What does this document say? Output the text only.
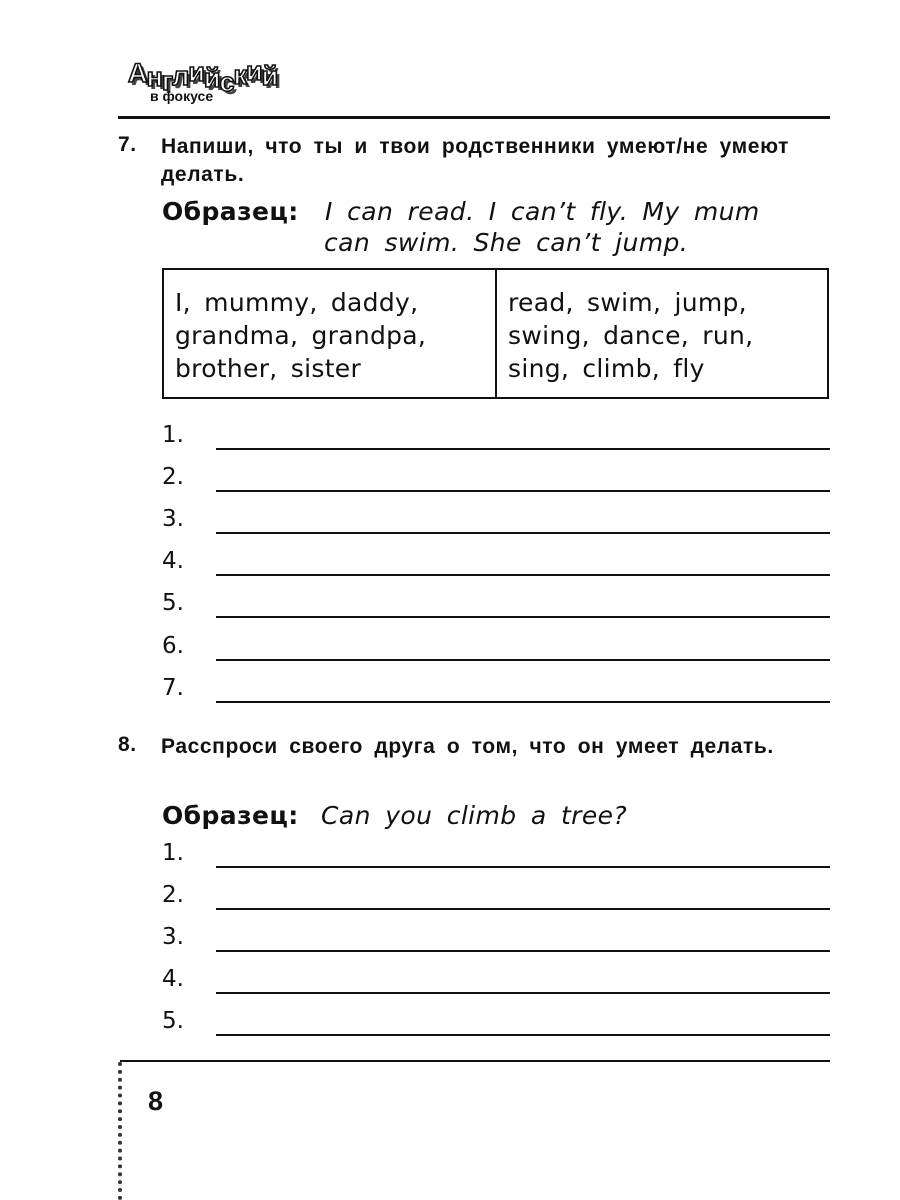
Английский
в фокусе
7. Напиши, что ты и твои родственники умеют/не умеют делать.
Образец: I can read. I can’t fly. My mum
can swim. She can’t jump.
I, mummy, daddy,
grandma, grandpa,
brother, sister
read, swim, jump,
swing, dance, run,
sing, climb, fly
1.
2.
3.
4.
5.
6.
7.
8. Расспроси своего друга о том, что он умеет делать.
Образец: Can you climb a tree?
1.
2.
3.
4.
5.
8
